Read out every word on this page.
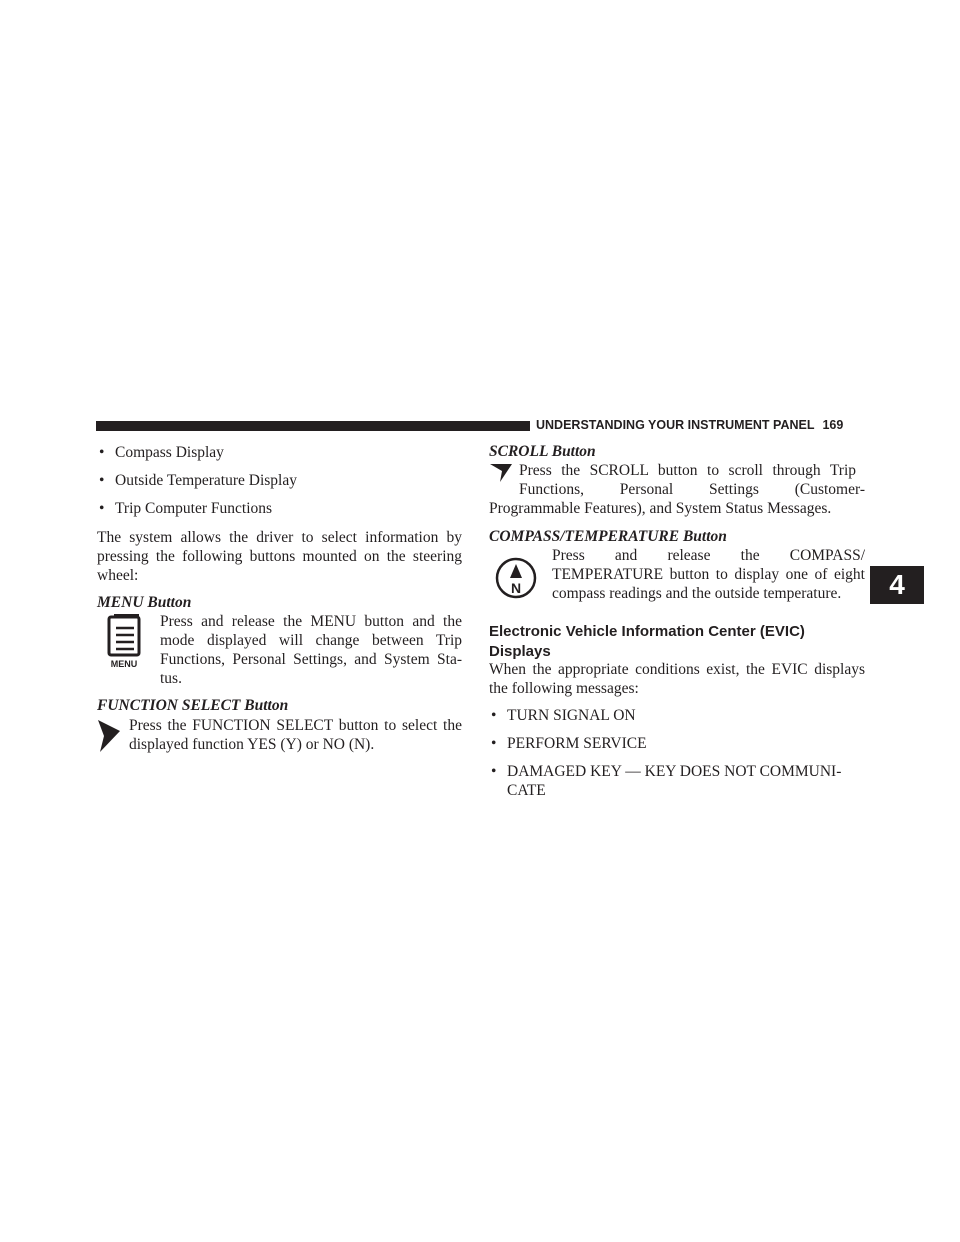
UNDERSTANDING YOUR INSTRUMENT PANEL 169
4
• Compass Display
• Outside Temperature Display
• Trip Computer Functions

The system allows the driver to select information by pressing the following buttons mounted on the steering wheel:

MENU Button
MENU

Press and release the MENU button and the mode displayed will change between Trip Functions, Personal Settings, and System Sta-tus.

FUNCTION SELECT Button

Press the FUNCTION SELECT button to select the displayed function YES (Y) or NO (N).

SCROLL Button

Press the SCROLL button to scroll through Trip

Functions, Personal Settings (Customer-

Programmable Features), and System Status Messages.

COMPASS/TEMPERATURE Button
N

Press and release the COMPASS/ TEMPERATURE button to display one of eight compass readings and the outside temperature.

Electronic Vehicle Information Center (EVIC) Displays

When the appropriate conditions exist, the EVIC displays the following messages:

• TURN SIGNAL ON
• PERFORM SERVICE
• DAMAGED KEY — KEY DOES NOT COMMUNI-
CATE
